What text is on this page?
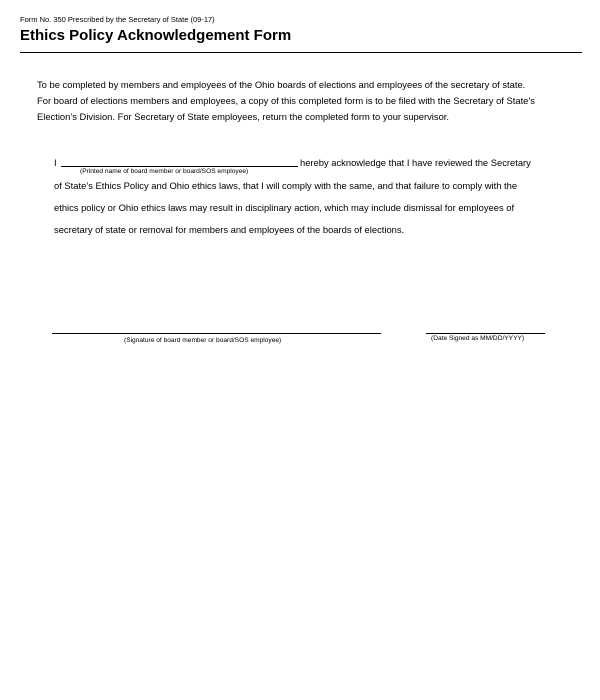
Form No. 350 Prescribed by the Secretary of State (09-17)
Ethics Policy Acknowledgement Form

To be completed by members and employees of the Ohio boards of elections and employees of the secretary of state.
For board of elections members and employees, a copy of this completed form is to be filed with the Secretary of State’s
Election’s Division. For Secretary of State employees, return the completed form to your supervisor.

I	hereby acknowledge that I have reviewed the Secretary
(Printed name of board member or board/SOS employee)
of State’s Ethics Policy and Ohio ethics laws, that I will comply with the same, and that failure to comply with the
ethics policy or Ohio ethics laws may result in disciplinary action, which may include dismissal for employees of
secretary of state or removal for members and employees of the boards of elections.
(Signature of board member or board/SOS employee)	(Date Signed as MM/DD/YYYY)
